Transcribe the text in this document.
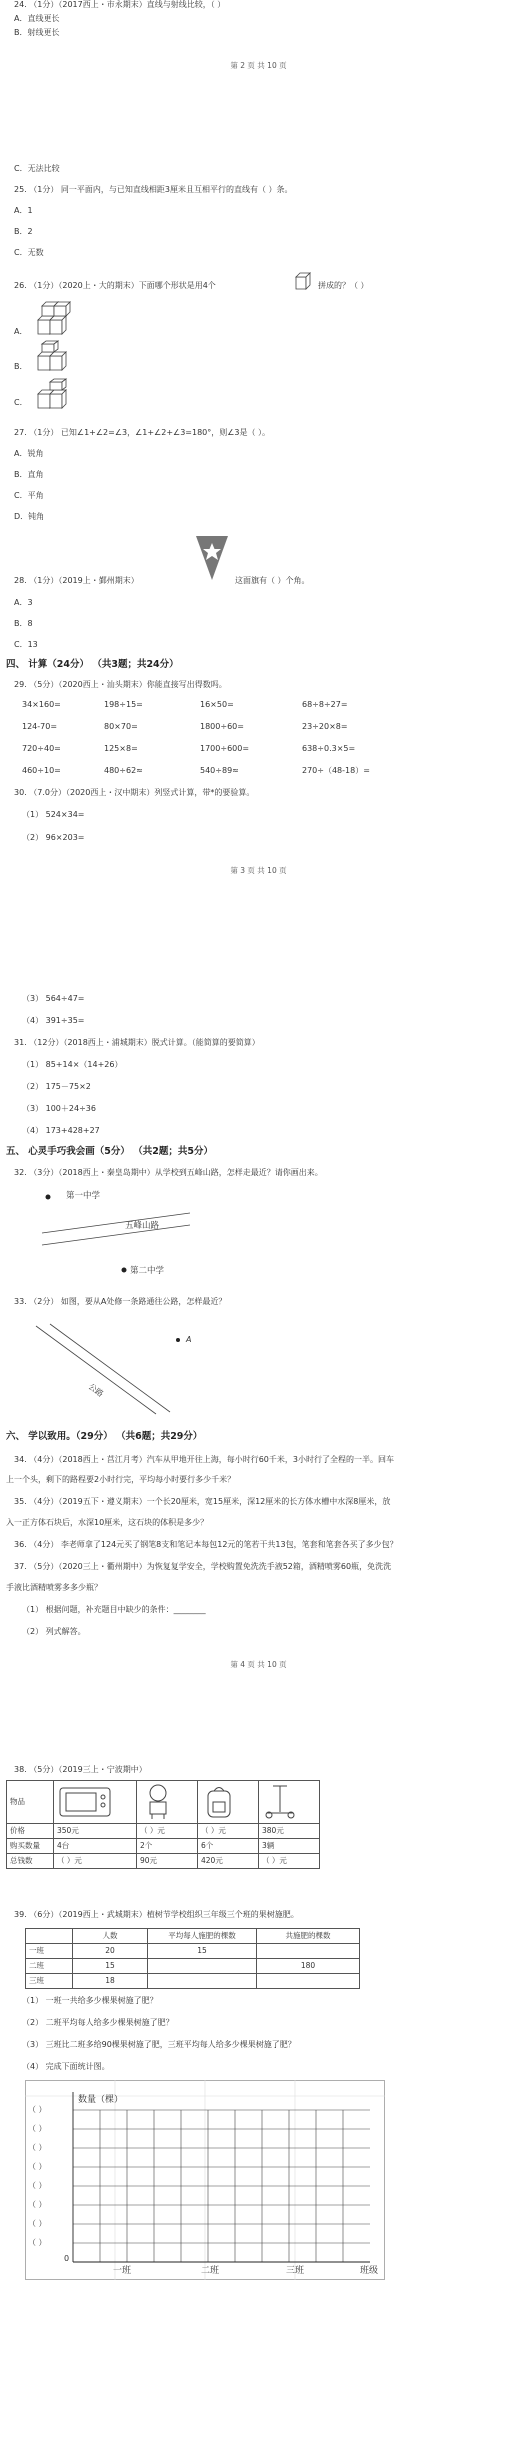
24. （1分）（2017西上・市永期末）直线与射线比较，（ ）
A．直线更长
B．射线更长
第 2 页 共 10 页
C．无法比较
25. （1分） 同一平面内，与已知直线相距3厘米且互相平行的直线有（ ）条。
A．1
B．2
C．无数
26. （1分）（2020上・大的期末）下面哪个形状是用4个	拼成的？（ ）
A．
B．
C．
27. （1分） 已知∠1+∠2=∠3，∠1+∠2+∠3=180°，则∠3是（ ）。
A．锐角
B．直角
C．平角
D．钝角
28. （1分）（2019上・鄞州期末）	这面旗有（ ）个角。
A．3
B．8
C．13
四、 计算（24分） （共3题；共24分）
29. （5分）（2020西上・汕头期末）你能直接写出得数吗。
34×160=	198÷15=	16×50=	68÷8÷27=
124-70=	80×70=	1800÷60=	23÷20×8=
720÷40=	125×8=	1700÷600=	638÷0.3×5=
460÷10=	480÷62≈	540÷89≈	270÷（48-18）=
30. （7.0分）（2020西上・汉中期末）列竖式计算，带*的要验算。
（1） 524×34=
（2） 96×203=
第 3 页 共 10 页
（3） 564÷47=
（4） 391÷35=
31. （12分）（2018西上・浦城期末）脱式计算。（能简算的要简算）
（1） 85+14×（14+26）
（2） 175－75×2
（3） 100＋24÷36
（4） 173+428+27
五、 心灵手巧我会画（5分） （共2题；共5分）
32. （3分）（2018西上・秦皇岛期中）从学校到五峰山路，怎样走最近？请你画出来。
第一中学
五峰山路
第二中学
33. （2分） 如图，要从A处修一条路通往公路，怎样最近？
A
公路
六、 学以致用。（29分） （共6题；共29分）
34. （4分）（2018西上・莒江月考）汽车从甲地开往上海，每小时行60千米，3小时行了全程的一半。回车
上一个头，剩下的路程要2小时行完，平均每小时要行多少千米？
35. （4分）（2019五下・遵义期末）一个长20厘米，宽15厘米，深12厘米的长方体水槽中水深8厘米，放
入一正方体石块后，水深10厘米，这石块的体积是多少？
36. （4分） 李老师拿了124元买了钢笔8支和笔记本每包12元的笔若干共13包，笔套和笔套各买了多少包？
37. （5分）（2020三上・衢州期中）为恢复复学安全，学校购置免洗洗手液52箱，酒精喷雾60瓶，免洗洗
手液比酒精喷雾多多少瓶？
（1） 根据问题，补充题目中缺少的条件：________
（2） 列式解答。
第 4 页 共 10 页
38. （5分）（2019三上・宁波期中）
物品				
价格	350元	（ ）元	（ ）元	380元
购买数量	4台	2个	6个	3辆
总钱数	（ ）元	90元	420元	（ ）元
39. （6分）（2019西上・武城期末）植树节学校组织三年级三个班的果树施肥。
	人数	平均每人施肥的棵数	共施肥的棵数
一班	20	15	
二班	15		180
三班	18		
（1） 一班一共给多少棵果树施了肥？
（2） 二班平均每人给多少棵果树施了肥？
（3） 三班比二班多给90棵果树施了肥，三班平均每人给多少棵果树施了肥？
（4） 完成下面统计图。
数量（棵）
（ ）
（ ）
（ ）
（ ）
（ ）
（ ）
（ ）
（ ）
0
一班	二班	三班	班级
